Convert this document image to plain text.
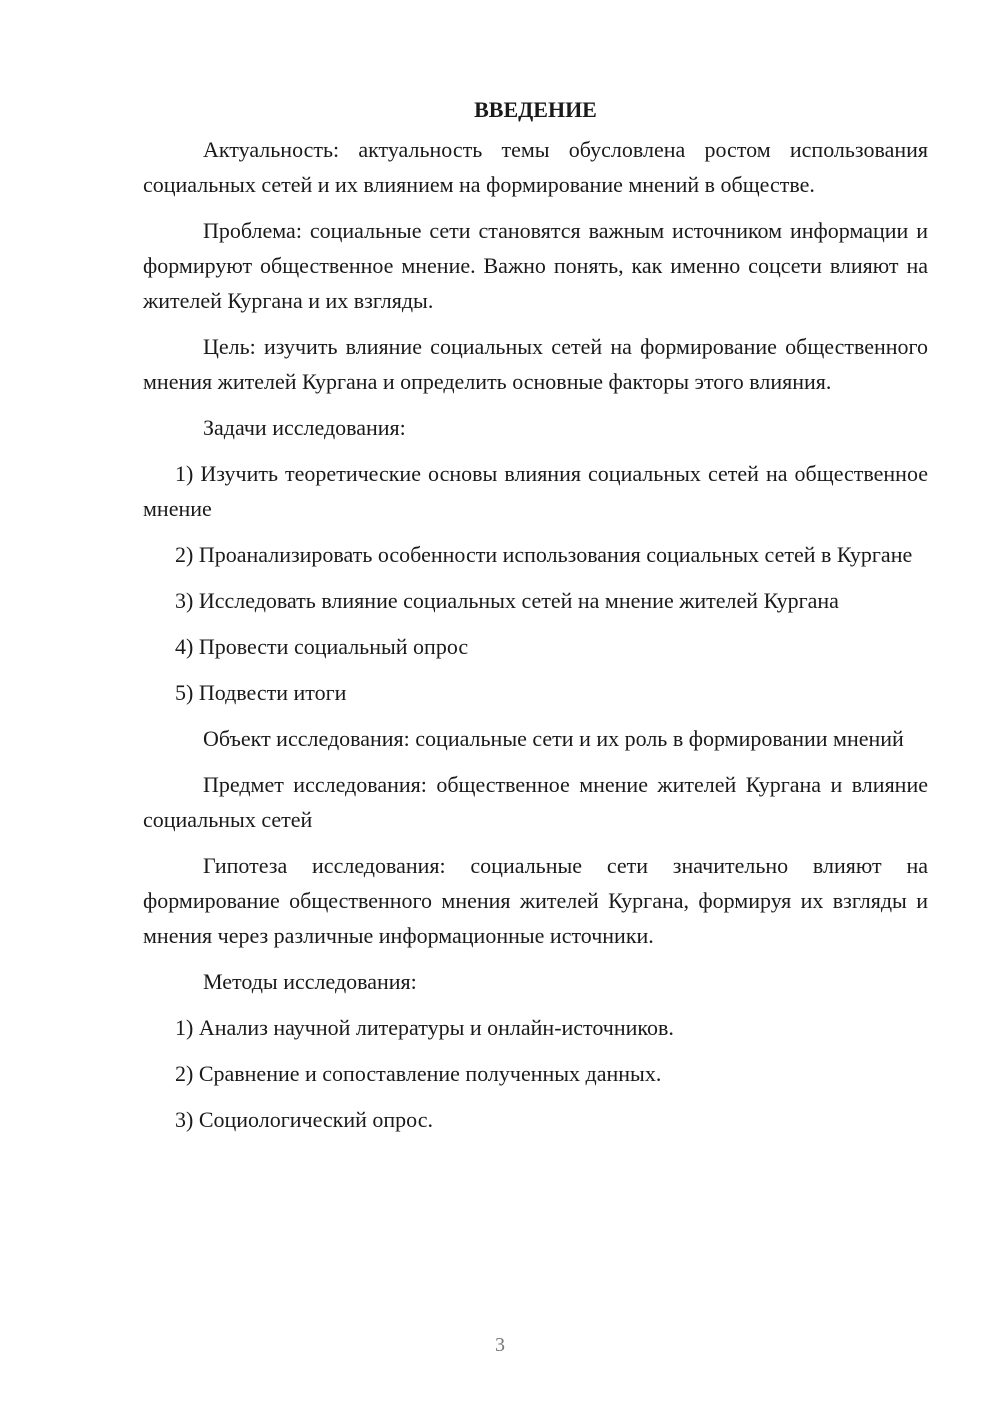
ВВЕДЕНИЕ

Актуальность: актуальность темы обусловлена ростом использования социальных сетей и их влиянием на формирование мнений в обществе.

Проблема: социальные сети становятся важным источником информации и формируют общественное мнение. Важно понять, как именно соцсети влияют на жителей Кургана и их взгляды.

Цель: изучить влияние социальных сетей на формирование общественного мнения жителей Кургана и определить основные факторы этого влияния.

Задачи исследования:

1) Изучить теоретические основы влияния социальных сетей на общественное мнение

2) Проанализировать особенности использования социальных сетей в Кургане

3) Исследовать влияние социальных сетей на мнение жителей Кургана

4) Провести социальный опрос

5) Подвести итоги

Объект исследования: социальные сети и их роль в формировании мнений

Предмет исследования: общественное мнение жителей Кургана и влияние социальных сетей

Гипотеза исследования: социальные сети значительно влияют на формирование общественного мнения жителей Кургана, формируя их взгляды и мнения через различные информационные источники.

Методы исследования:

1) Анализ научной литературы и онлайн-источников.

2) Сравнение и сопоставление полученных данных.

3) Социологический опрос.

3
